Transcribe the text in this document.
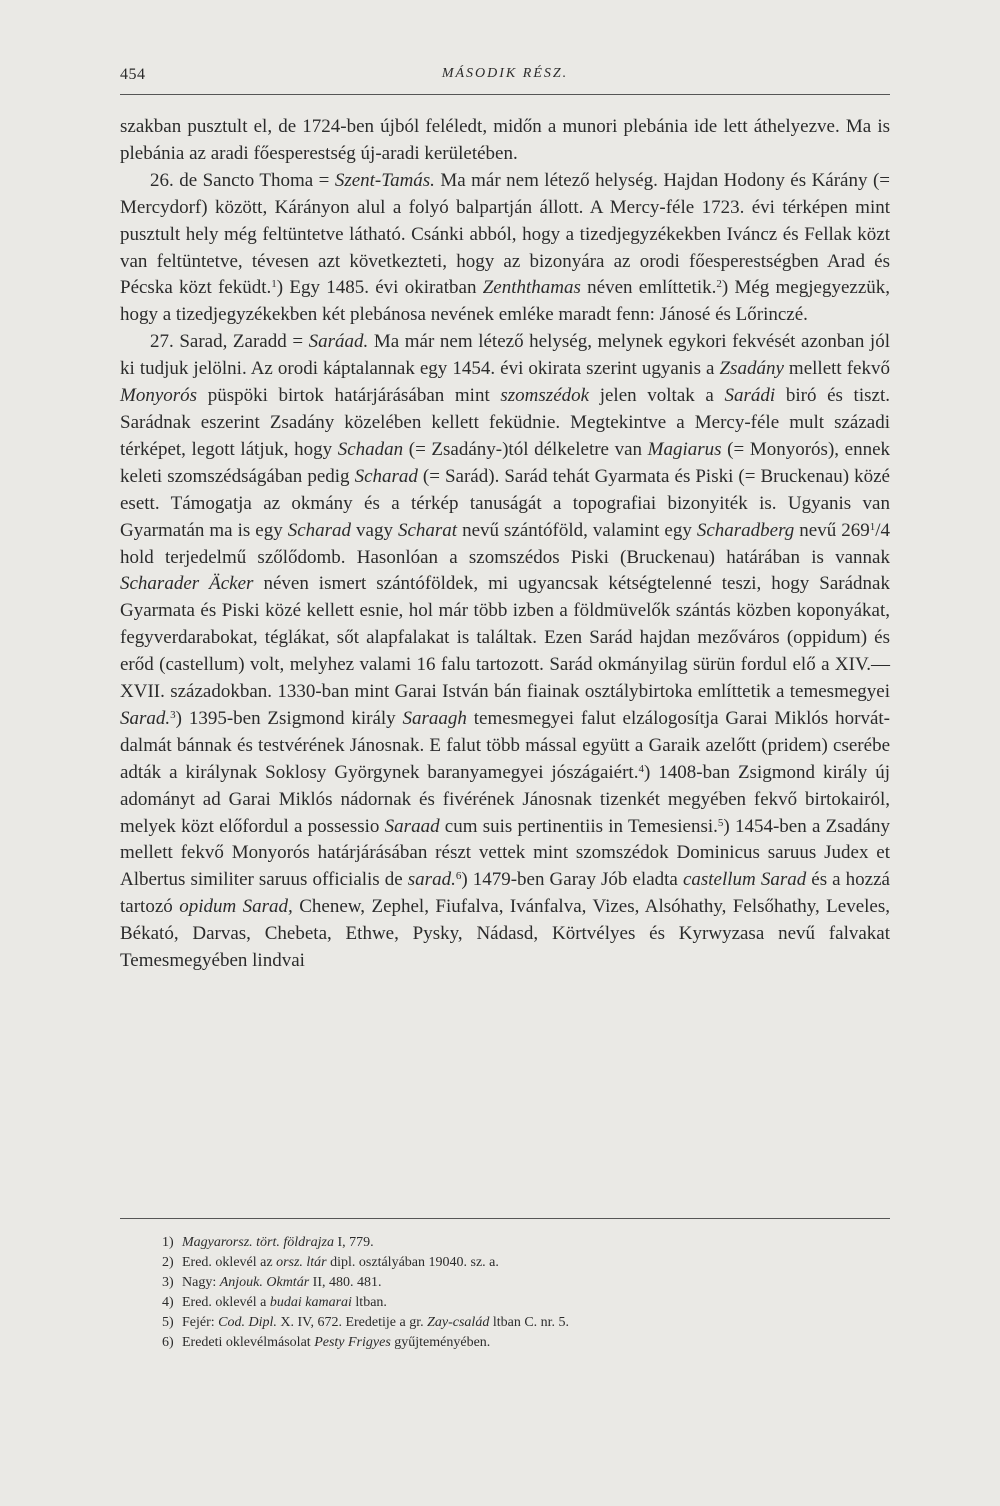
454	MÁSODIK RÉSZ.

szakban pusztult el, de 1724-ben újból feléledt, midőn a munori plebánia ide lett áthelyezve. Ma is plebánia az aradi főesperestség új-aradi kerületében.

26. de Sancto Thoma = Szent-Tamás. Ma már nem létező helység. Hajdan Hodony és Kárány (= Mercydorf) között, Kárányon alul a folyó balpartján állott. A Mercy-féle 1723. évi térképen mint pusztult hely még feltüntetve látható. Csánki abból, hogy a tizedjegyzékekben Iváncz és Fellak közt van feltüntetve, tévesen azt következteti, hogy az bizonyára az orodi főesperestségben Arad és Pécska közt feküdt.$^1$) Egy 1485. évi okiratban Zenththamas néven említtetik.$^2$) Még megjegyezzük, hogy a tizedjegyzékekben két plebánosa nevének emléke maradt fenn: Jánosé és Lőrinczé.

27. Sarad, Zaradd = Saráad. Ma már nem létező helység, melynek egykori fekvését azonban jól ki tudjuk jelölni. Az orodi káptalannak egy 1454. évi okirata szerint ugyanis a Zsadány mellett fekvő Monyorós püspöki birtok határjárásában mint szomszédok jelen voltak a Sarádi biró és tiszt. Sarádnak eszerint Zsadány közelében kellett feküdnie. Megtekintve a Mercy-féle mult századi térképet, legott látjuk, hogy Schadan (= Zsadány-)tól délkeletre van Magiarus (= Monyorós), ennek keleti szomszédságában pedig Scharad (= Sarád). Sarád tehát Gyarmata és Piski (= Bruckenau) közé esett. Támogatja az okmány és a térkép tanuságát a topografiai bizonyiték is. Ugyanis van Gyarmatán ma is egy Scharad vagy Scharat nevű szántóföld, valamint egy Scharadberg nevű $269^1/4$ hold terjedelmű szőlődomb. Hasonlóan a szomszédos Piski (Bruckenau) határában is vannak Scharader Äcker néven ismert szántóföldek, mi ugyancsak kétségtelenné teszi, hogy Sarádnak Gyarmata és Piski közé kellett esnie, hol már több izben a földmüvelők szántás közben koponyákat, fegyverdarabokat, téglákat, sőt alapfalakat is találtak. Ezen Sarád hajdan mezőváros (oppidum) és erőd (castellum) volt, melyhez valami 16 falu tartozott. Sarád okmányilag sürün fordul elő a XIV.—XVII. századokban. 1330-ban mint Garai István bán fiainak osztálybirtoka említtetik a temesmegyei Sarad.$^3$) 1395-ben Zsigmond király Saraagh temesmegyei falut elzálogosítja Garai Miklós horvát-dalmát bánnak és testvérének Jánosnak. E falut több mással együtt a Garaik azelőtt (pridem) cserébe adták a királynak Soklosy Györgynek baranyamegyei jószágaiért.$^4$) 1408-ban Zsigmond király új adományt ad Garai Miklós nádornak és fivérének Jánosnak tizenkét megyében fekvő birtokairól, melyek közt előfordul a possessio Saraad cum suis pertinentiis in Temesiensi.$^5$) 1454-ben a Zsadány mellett fekvő Monyorós határjárásában részt vettek mint szomszédok Dominicus saruus Judex et Albertus similiter saruus officialis de sarad.$^6$) 1479-ben Garay Jób eladta castellum Sarad és a hozzá tartozó opidum Sarad, Chenew, Zephel, Fiufalva, Ivánfalva, Vizes, Alsóhathy, Felsőhathy, Leveles, Békató, Darvas, Chebeta, Ethwe, Pysky, Nádasd, Körtvélyes és Kyrwyzasa nevű falvakat Temesmegyében lindvai

1) Magyarorsz. tört. földrajza I, 779.

2) Ered. oklevél az orsz. ltár dipl. osztályában 19040. sz. a.

3) Nagy: Anjouk. Okmtár II, 480. 481.

4) Ered. oklevél a budai kamarai ltban.

5) Fejér: Cod. Dipl. X. IV, 672. Eredetije a gr. Zay-család ltban C. nr. 5.

6) Eredeti oklevélmásolat Pesty Frigyes gyűjteményében.
